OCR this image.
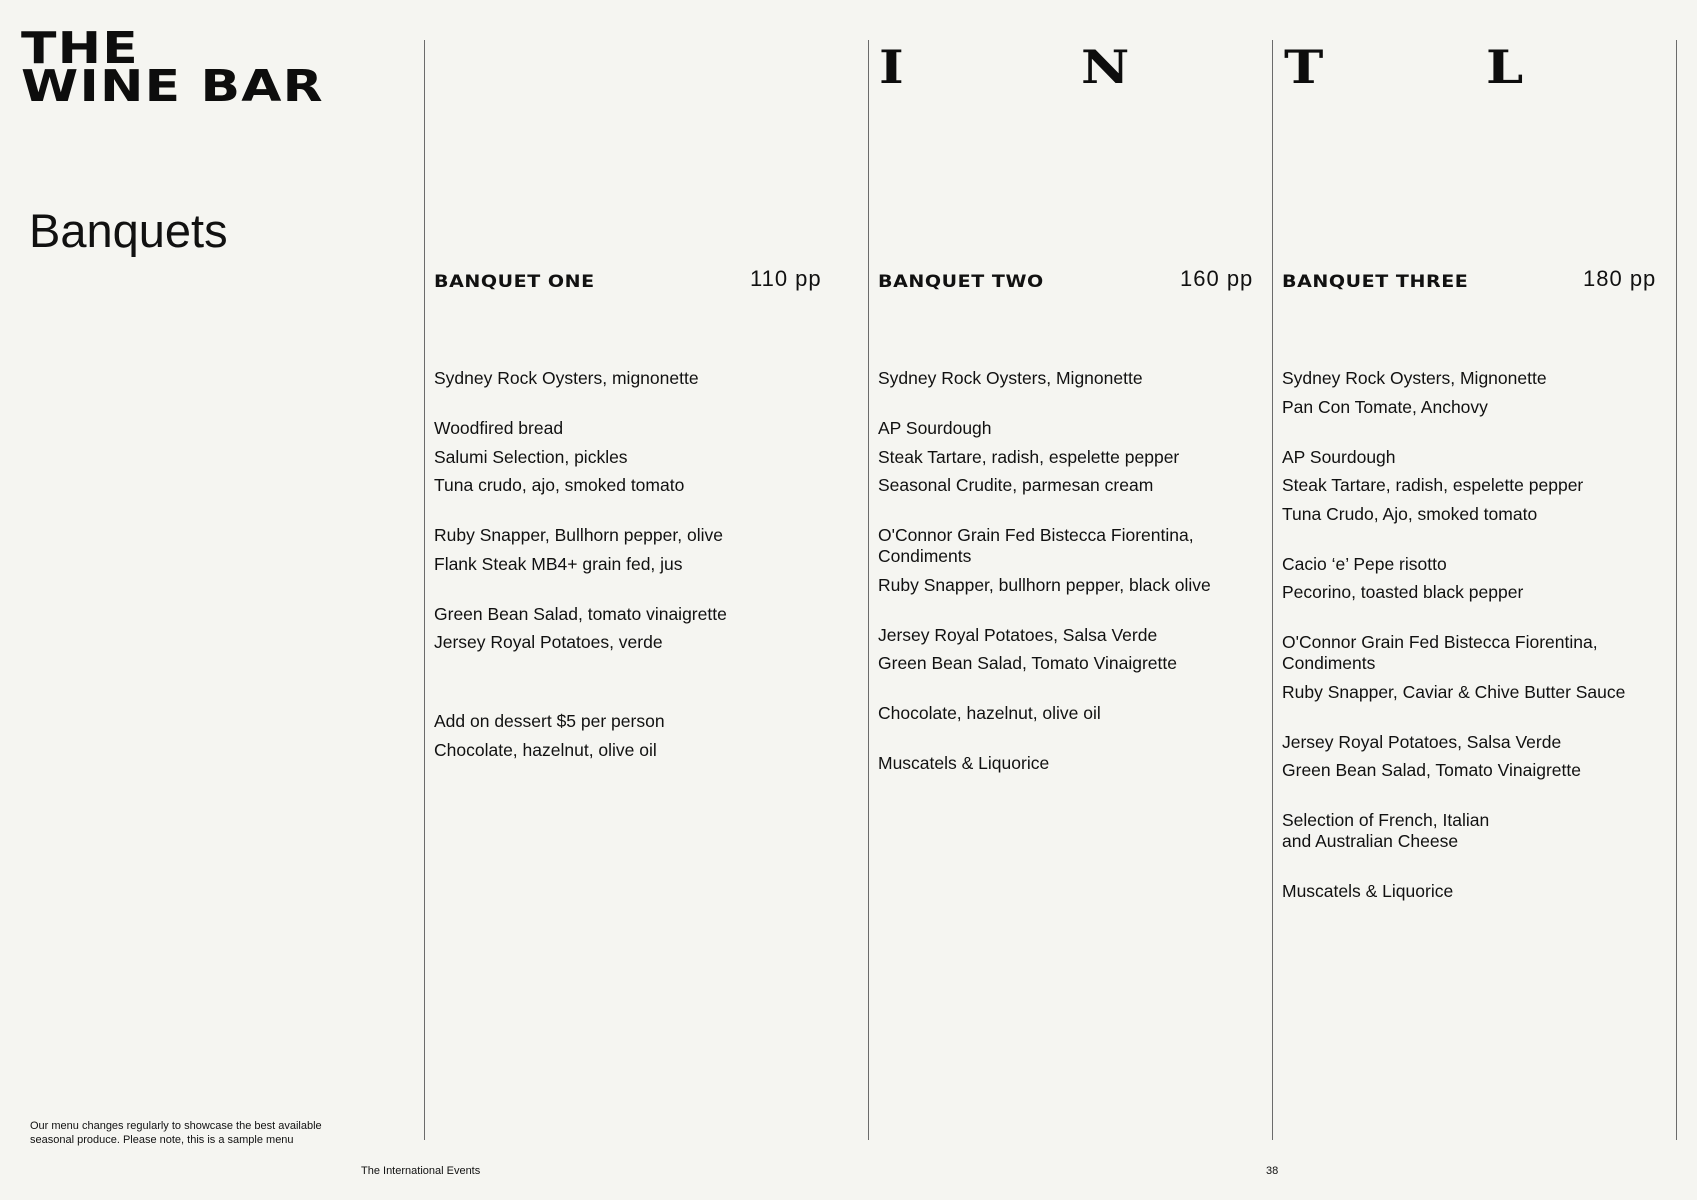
THE
WINE BAR
Banquets
I	N	T	L
BANQUET ONE	110 pp
Sydney Rock Oysters, mignonette
Woodfired bread
Salumi Selection, pickles
Tuna crudo, ajo, smoked tomato
Ruby Snapper, Bullhorn pepper, olive
Flank Steak MB4+ grain fed, jus
Green Bean Salad, tomato vinaigrette
Jersey Royal Potatoes, verde
Add on dessert $5 per person
Chocolate, hazelnut, olive oil
BANQUET TWO	160 pp
Sydney Rock Oysters, Mignonette
AP Sourdough
Steak Tartare, radish, espelette pepper
Seasonal Crudite, parmesan cream
O'Connor Grain Fed Bistecca Fiorentina,
Condiments
Ruby Snapper, bullhorn pepper, black olive
Jersey Royal Potatoes, Salsa Verde
Green Bean Salad, Tomato Vinaigrette
Chocolate, hazelnut, olive oil
Muscatels & Liquorice
BANQUET THREE	180 pp
Sydney Rock Oysters, Mignonette
Pan Con Tomate, Anchovy
AP Sourdough
Steak Tartare, radish, espelette pepper
Tuna Crudo, Ajo, smoked tomato
Cacio ‘e’ Pepe risotto
Pecorino, toasted black pepper
O'Connor Grain Fed Bistecca Fiorentina,
Condiments
Ruby Snapper, Caviar & Chive Butter Sauce
Jersey Royal Potatoes, Salsa Verde
Green Bean Salad, Tomato Vinaigrette
Selection of French, Italian
and Australian Cheese
Muscatels & Liquorice
Our menu changes regularly to showcase the best available seasonal produce. Please note, this is a sample menu
The International Events	38
